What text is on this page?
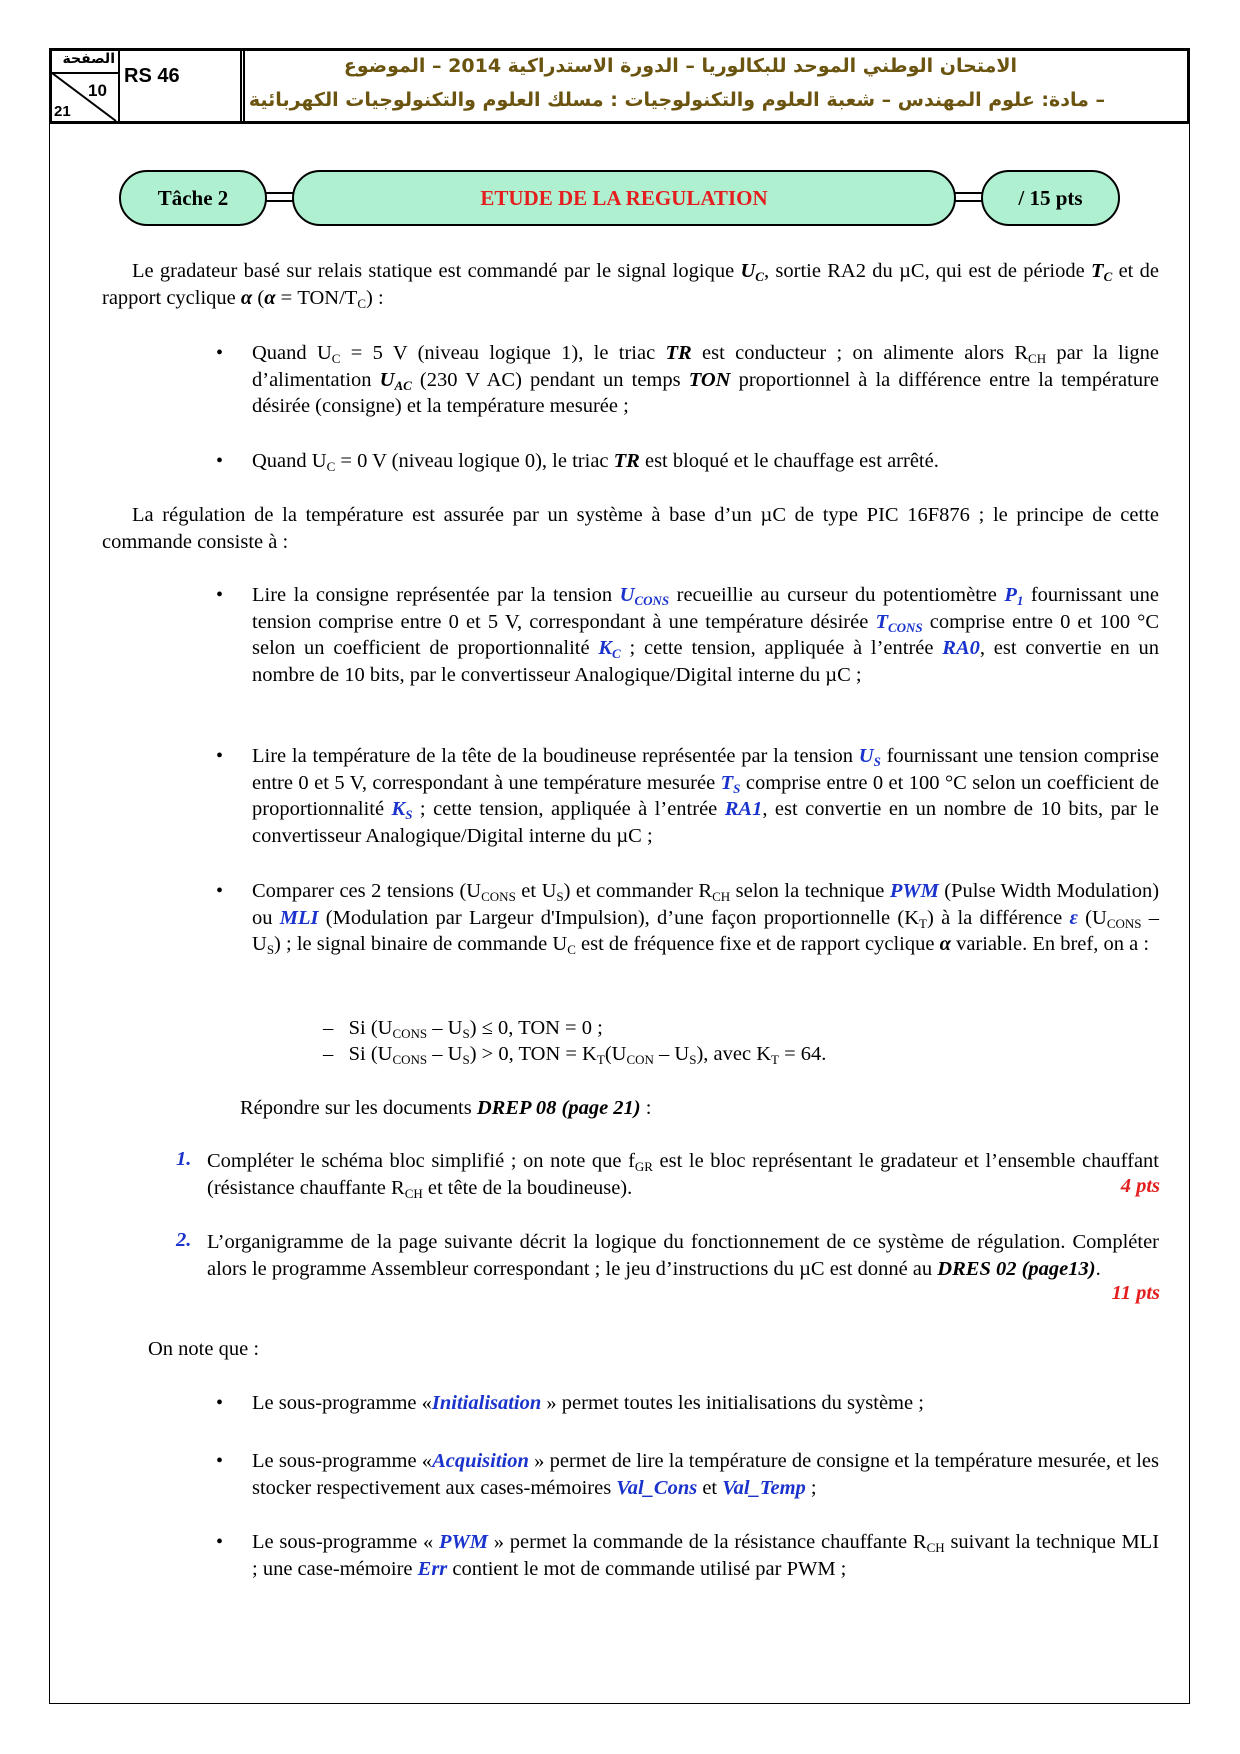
الصفحة
10
21
RS 46	الامتحان الوطني الموحد للبكالوريا – الدورة الاستدراكية 2014 – الموضوع
– مادة: علوم المهندس – شعبة العلوم والتكنولوجيات : مسلك العلوم والتكنولوجيات الكهربائية
Tâche 2	ETUDE DE LA REGULATION	/ 15 pts
Le gradateur basé sur relais statique est commandé par le signal logique $U_C$, sortie RA2 du µC, qui est de période $T_C$ et de rapport cyclique α (α = TON/$T_C$) :
• Quand $U_C = 5$ V (niveau logique 1), le triac TR est conducteur ; on alimente alors $R_{CH}$ par la ligne d’alimentation $U_{AC}$ (230 V AC) pendant un temps TON proportionnel à la différence entre la température désirée (consigne) et la température mesurée ;
• Quand $U_C = 0$ V (niveau logique 0), le triac TR est bloqué et le chauffage est arrêté.
La régulation de la température est assurée par un système à base d’un µC de type PIC 16F876 ; le principe de cette commande consiste à :
• Lire la consigne représentée par la tension $U_{CONS}$ recueillie au curseur du potentiomètre $P_1$ fournissant une tension comprise entre 0 et 5 V, correspondant à une température désirée $T_{CONS}$ comprise entre 0 et 100 °C selon un coefficient de proportionnalité $K_C$ ; cette tension, appliquée à l’entrée RA0, est convertie en un nombre de 10 bits, par le convertisseur Analogique/Digital interne du µC ;
• Lire la température de la tête de la boudineuse représentée par la tension $U_S$ fournissant une tension comprise entre 0 et 5 V, correspondant à une température mesurée $T_S$ comprise entre 0 et 100 °C selon un coefficient de proportionnalité $K_S$ ; cette tension, appliquée à l’entrée RA1, est convertie en un nombre de 10 bits, par le convertisseur Analogique/Digital interne du µC ;
• Comparer ces 2 tensions ($U_{CONS}$ et $U_S$) et commander $R_{CH}$ selon la technique PWM (Pulse Width Modulation) ou MLI (Modulation par Largeur d'Impulsion), d’une façon proportionnelle $(K_T)$ à la différence ε $(U_{CONS} - U_S)$ ; le signal binaire de commande $U_C$ est de fréquence fixe et de rapport cyclique α variable. En bref, on a :
– Si $(U_{CONS} - U_S) \le 0$, TON = 0 ;
– Si $(U_{CONS} - U_S) > 0$, TON = $K_T(U_{CON} - U_S)$, avec $K_T = 64$.
Répondre sur les documents DREP 08 (page 21) :
1. Compléter le schéma bloc simplifié ; on note que $f_{GR}$ est le bloc représentant le gradateur et l’ensemble chauffant (résistance chauffante $R_{CH}$ et tête de la boudineuse).	4 pts
2. L’organigramme de la page suivante décrit la logique du fonctionnement de ce système de régulation. Compléter alors le programme Assembleur correspondant ; le jeu d’instructions du µC est donné au DRES 02 (page13).
11 pts
On note que :
• Le sous-programme «Initialisation » permet toutes les initialisations du système ;
• Le sous-programme «Acquisition » permet de lire la température de consigne et la température mesurée, et les stocker respectivement aux cases-mémoires Val_Cons et Val_Temp ;
• Le sous-programme « PWM » permet la commande de la résistance chauffante $R_{CH}$ suivant la technique MLI ; une case-mémoire Err contient le mot de commande utilisé par PWM ;
